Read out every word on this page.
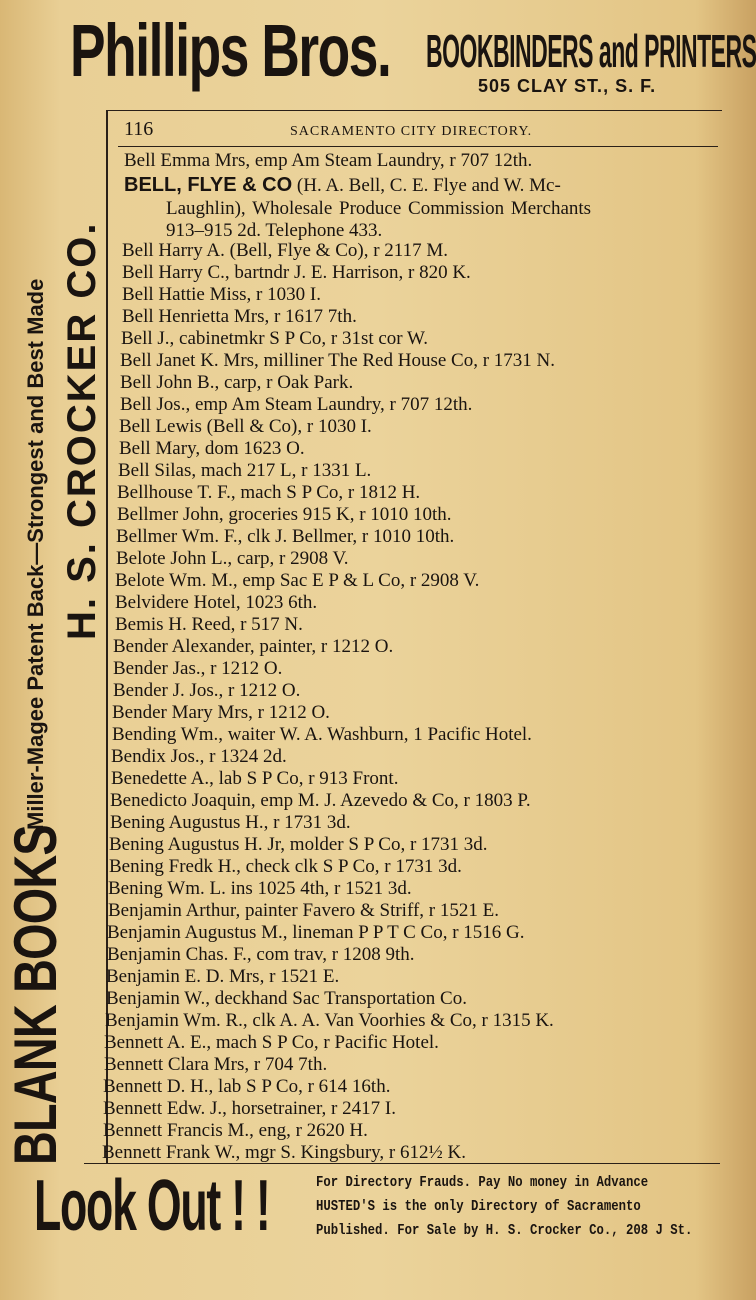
Phillips Bros. BOOKBINDERS and PRINTERS
505 CLAY ST., S. F.
BLANK BOOKS
Miller-Magee Patent Back—Strongest and Best Made H. S. CROCKER CO.
116	SACRAMENTO CITY DIRECTORY.
Bell Emma Mrs, emp Am Steam Laundry, r 707 12th.
BELL, FLYE & CO (H. A. Bell, C. E. Flye and W. Mc-
Laughlin), Wholesale Produce Commission Merchants
913–915 2d. Telephone 433.
Bell Harry A. (Bell, Flye & Co), r 2117 M.
Bell Harry C., bartndr J. E. Harrison, r 820 K.
Bell Hattie Miss, r 1030 I.
Bell Henrietta Mrs, r 1617 7th.
Bell J., cabinetmkr S P Co, r 31st cor W.
Bell Janet K. Mrs, milliner The Red House Co, r 1731 N.
Bell John B., carp, r Oak Park.
Bell Jos., emp Am Steam Laundry, r 707 12th.
Bell Lewis (Bell & Co), r 1030 I.
Bell Mary, dom 1623 O.
Bell Silas, mach 217 L, r 1331 L.
Bellhouse T. F., mach S P Co, r 1812 H.
Bellmer John, groceries 915 K, r 1010 10th.
Bellmer Wm. F., clk J. Bellmer, r 1010 10th.
Belote John L., carp, r 2908 V.
Belote Wm. M., emp Sac E P & L Co, r 2908 V.
Belvidere Hotel, 1023 6th.
Bemis H. Reed, r 517 N.
Bender Alexander, painter, r 1212 O.
Bender Jas., r 1212 O.
Bender J. Jos., r 1212 O.
Bender Mary Mrs, r 1212 O.
Bending Wm., waiter W. A. Washburn, 1 Pacific Hotel.
Bendix Jos., r 1324 2d.
Benedette A., lab S P Co, r 913 Front.
Benedicto Joaquin, emp M. J. Azevedo & Co, r 1803 P.
Bening Augustus H., r 1731 3d.
Bening Augustus H. Jr, molder S P Co, r 1731 3d.
Bening Fredk H., check clk S P Co, r 1731 3d.
Bening Wm. L. ins 1025 4th, r 1521 3d.
Benjamin Arthur, painter Favero & Striff, r 1521 E.
Benjamin Augustus M., lineman P P T C Co, r 1516 G.
Benjamin Chas. F., com trav, r 1208 9th.
Benjamin E. D. Mrs, r 1521 E.
Benjamin W., deckhand Sac Transportation Co.
Benjamin Wm. R., clk A. A. Van Voorhies & Co, r 1315 K.
Bennett A. E., mach S P Co, r Pacific Hotel.
Bennett Clara Mrs, r 704 7th.
Bennett D. H., lab S P Co, r 614 16th.
Bennett Edw. J., horsetrainer, r 2417 I.
Bennett Francis M., eng, r 2620 H.
Bennett Frank W., mgr S. Kingsbury, r 612½ K.
Look Out ! !	For Directory Frauds. Pay No money in Advance
HUSTED'S is the only Directory of Sacramento
Published. For Sale by H. S. Crocker Co., 208 J St.
